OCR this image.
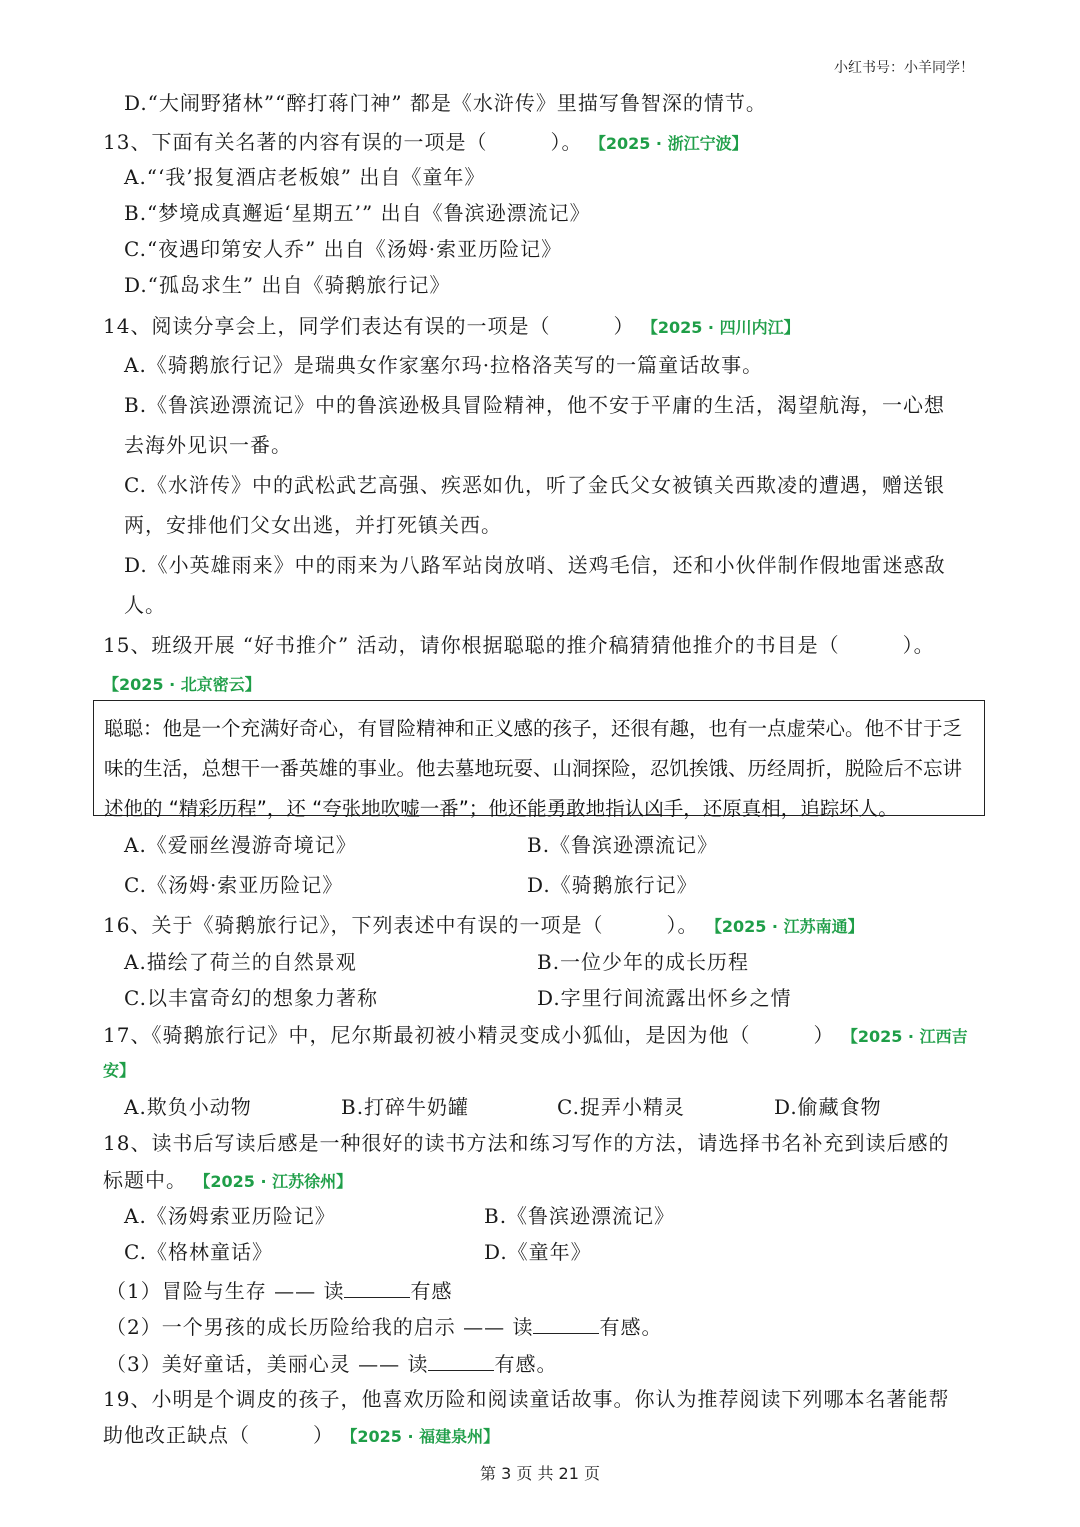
小红书号：小羊同学！
D.“大闹野猪林”“醉打蒋门神” 都是《水浒传》里描写鲁智深的情节。
13、下面有关名著的内容有误的一项是（　　　）。 【2025 · 浙江宁波】
A.“‘我’报复酒店老板娘” 出自《童年》
B.“梦境成真邂逅‘星期五’” 出自《鲁滨逊漂流记》
C.“夜遇印第安人乔” 出自《汤姆·索亚历险记》
D.“孤岛求生” 出自《骑鹅旅行记》
14、阅读分享会上，同学们表达有误的一项是（　　　） 【2025 · 四川内江】
A.《骑鹅旅行记》是瑞典女作家塞尔玛·拉格洛芙写的一篇童话故事。
B.《鲁滨逊漂流记》中的鲁滨逊极具冒险精神，他不安于平庸的生活，渴望航海，一心想
去海外见识一番。
C.《水浒传》中的武松武艺高强、疾恶如仇，听了金氏父女被镇关西欺凌的遭遇，赠送银
两，安排他们父女出逃，并打死镇关西。
D.《小英雄雨来》中的雨来为八路军站岗放哨、送鸡毛信，还和小伙伴制作假地雷迷惑敌
人。
15、班级开展 “好书推介” 活动，请你根据聪聪的推介稿猜猜他推介的书目是（　　　）。
【2025 · 北京密云】
聪聪：他是一个充满好奇心，有冒险精神和正义感的孩子，还很有趣，也有一点虚荣心。他不甘于乏
味的生活，总想干一番英雄的事业。他去墓地玩耍、山洞探险，忍饥挨饿、历经周折，脱险后不忘讲
述他的 “精彩历程”，还 “夸张地吹嘘一番”；他还能勇敢地指认凶手，还原真相，追踪坏人。
A.《爱丽丝漫游奇境记》	B.《鲁滨逊漂流记》
C.《汤姆·索亚历险记》	D.《骑鹅旅行记》
16、关于《骑鹅旅行记》，下列表述中有误的一项是（　　　）。 【2025 · 江苏南通】
A.描绘了荷兰的自然景观	B.一位少年的成长历程
C.以丰富奇幻的想象力著称	D.字里行间流露出怀乡之情
17、《骑鹅旅行记》中，尼尔斯最初被小精灵变成小狐仙，是因为他（　　　） 【2025 · 江西吉
安】
A.欺负小动物	B.打碎牛奶罐	C.捉弄小精灵	D.偷藏食物
18、读书后写读后感是一种很好的读书方法和练习写作的方法，请选择书名补充到读后感的
标题中。 【2025 · 江苏徐州】
A.《汤姆索亚历险记》	B.《鲁滨逊漂流记》
C.《格林童话》	D.《童年》
（1）冒险与生存 —— 读	有感
（2）一个男孩的成长历险给我的启示 —— 读	有感。
（3）美好童话，美丽心灵 —— 读	有感。
19、小明是个调皮的孩子，他喜欢历险和阅读童话故事。你认为推荐阅读下列哪本名著能帮
助他改正缺点（　　　） 【2025 · 福建泉州】
第 3 页 共 21 页
